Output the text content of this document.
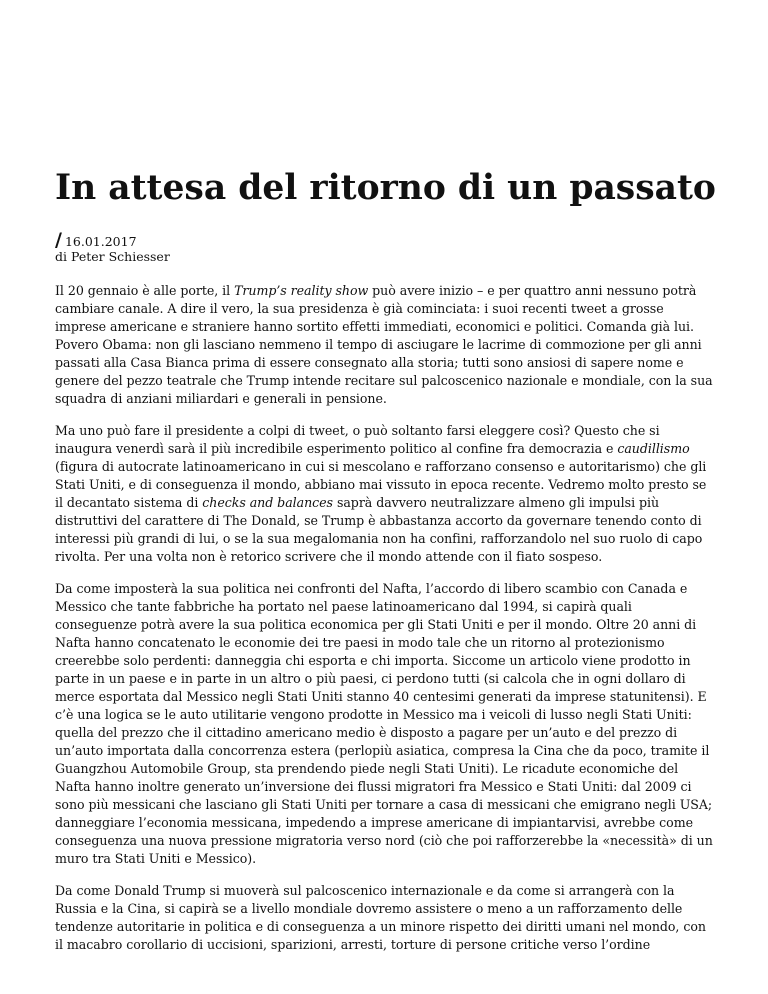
In attesa del ritorno di un passato
/ 16.01.2017
di Peter Schiesser

Il 20 gennaio è alle porte, il Trump’s reality show può avere inizio – e per quattro anni nessuno potrà cambiare canale. A dire il vero, la sua presidenza è già cominciata: i suoi recenti tweet a grosse imprese americane e straniere hanno sortito effetti immediati, economici e politici. Comanda già lui. Povero Obama: non gli lasciano nemmeno il tempo di asciugare le lacrime di commozione per gli anni passati alla Casa Bianca prima di essere consegnato alla storia; tutti sono ansiosi di sapere nome e genere del pezzo teatrale che Trump intende recitare sul palcoscenico nazionale e mondiale, con la sua squadra di anziani miliardari e generali in pensione.

Ma uno può fare il presidente a colpi di tweet, o può soltanto farsi eleggere così? Questo che si inaugura venerdì sarà il più incredibile esperimento politico al confine fra democrazia e caudillismo (figura di autocrate latinoamericano in cui si mescolano e rafforzano consenso e autoritarismo) che gli Stati Uniti, e di conseguenza il mondo, abbiano mai vissuto in epoca recente. Vedremo molto presto se il decantato sistema di checks and balances saprà davvero neutralizzare almeno gli impulsi più distruttivi del carattere di The Donald, se Trump è abbastanza accorto da governare tenendo conto di interessi più grandi di lui, o se la sua megalomania non ha confini, rafforzandolo nel suo ruolo di capo rivolta. Per una volta non è retorico scrivere che il mondo attende con il fiato sospeso.

Da come imposterà la sua politica nei confronti del Nafta, l’accordo di libero scambio con Canada e Messico che tante fabbriche ha portato nel paese latinoamericano dal 1994, si capirà quali conseguenze potrà avere la sua politica economica per gli Stati Uniti e per il mondo. Oltre 20 anni di Nafta hanno concatenato le economie dei tre paesi in modo tale che un ritorno al protezionismo creerebbe solo perdenti: danneggia chi esporta e chi importa. Siccome un articolo viene prodotto in parte in un paese e in parte in un altro o più paesi, ci perdono tutti (si calcola che in ogni dollaro di merce esportata dal Messico negli Stati Uniti stanno 40 centesimi generati da imprese statunitensi). E c’è una logica se le auto utilitarie vengono prodotte in Messico ma i veicoli di lusso negli Stati Uniti: quella del prezzo che il cittadino americano medio è disposto a pagare per un’auto e del prezzo di un’auto importata dalla concorrenza estera (perlopiù asiatica, compresa la Cina che da poco, tramite il Guangzhou Automobile Group, sta prendendo piede negli Stati Uniti). Le ricadute economiche del Nafta hanno inoltre generato un’inversione dei flussi migratori fra Messico e Stati Uniti: dal 2009 ci sono più messicani che lasciano gli Stati Uniti per tornare a casa di messicani che emigrano negli USA; danneggiare l’economia messicana, impedendo a imprese americane di impiantarvisi, avrebbe come conseguenza una nuova pressione migratoria verso nord (ciò che poi rafforzerebbe la «necessità» di un muro tra Stati Uniti e Messico).

Da come Donald Trump si muoverà sul palcoscenico internazionale e da come si arrangerà con la Russia e la Cina, si capirà se a livello mondiale dovremo assistere o meno a un rafforzamento delle tendenze autoritarie in politica e di conseguenza a un minore rispetto dei diritti umani nel mondo, con il macabro corollario di uccisioni, sparizioni, arresti, torture di persone critiche verso l’ordine
